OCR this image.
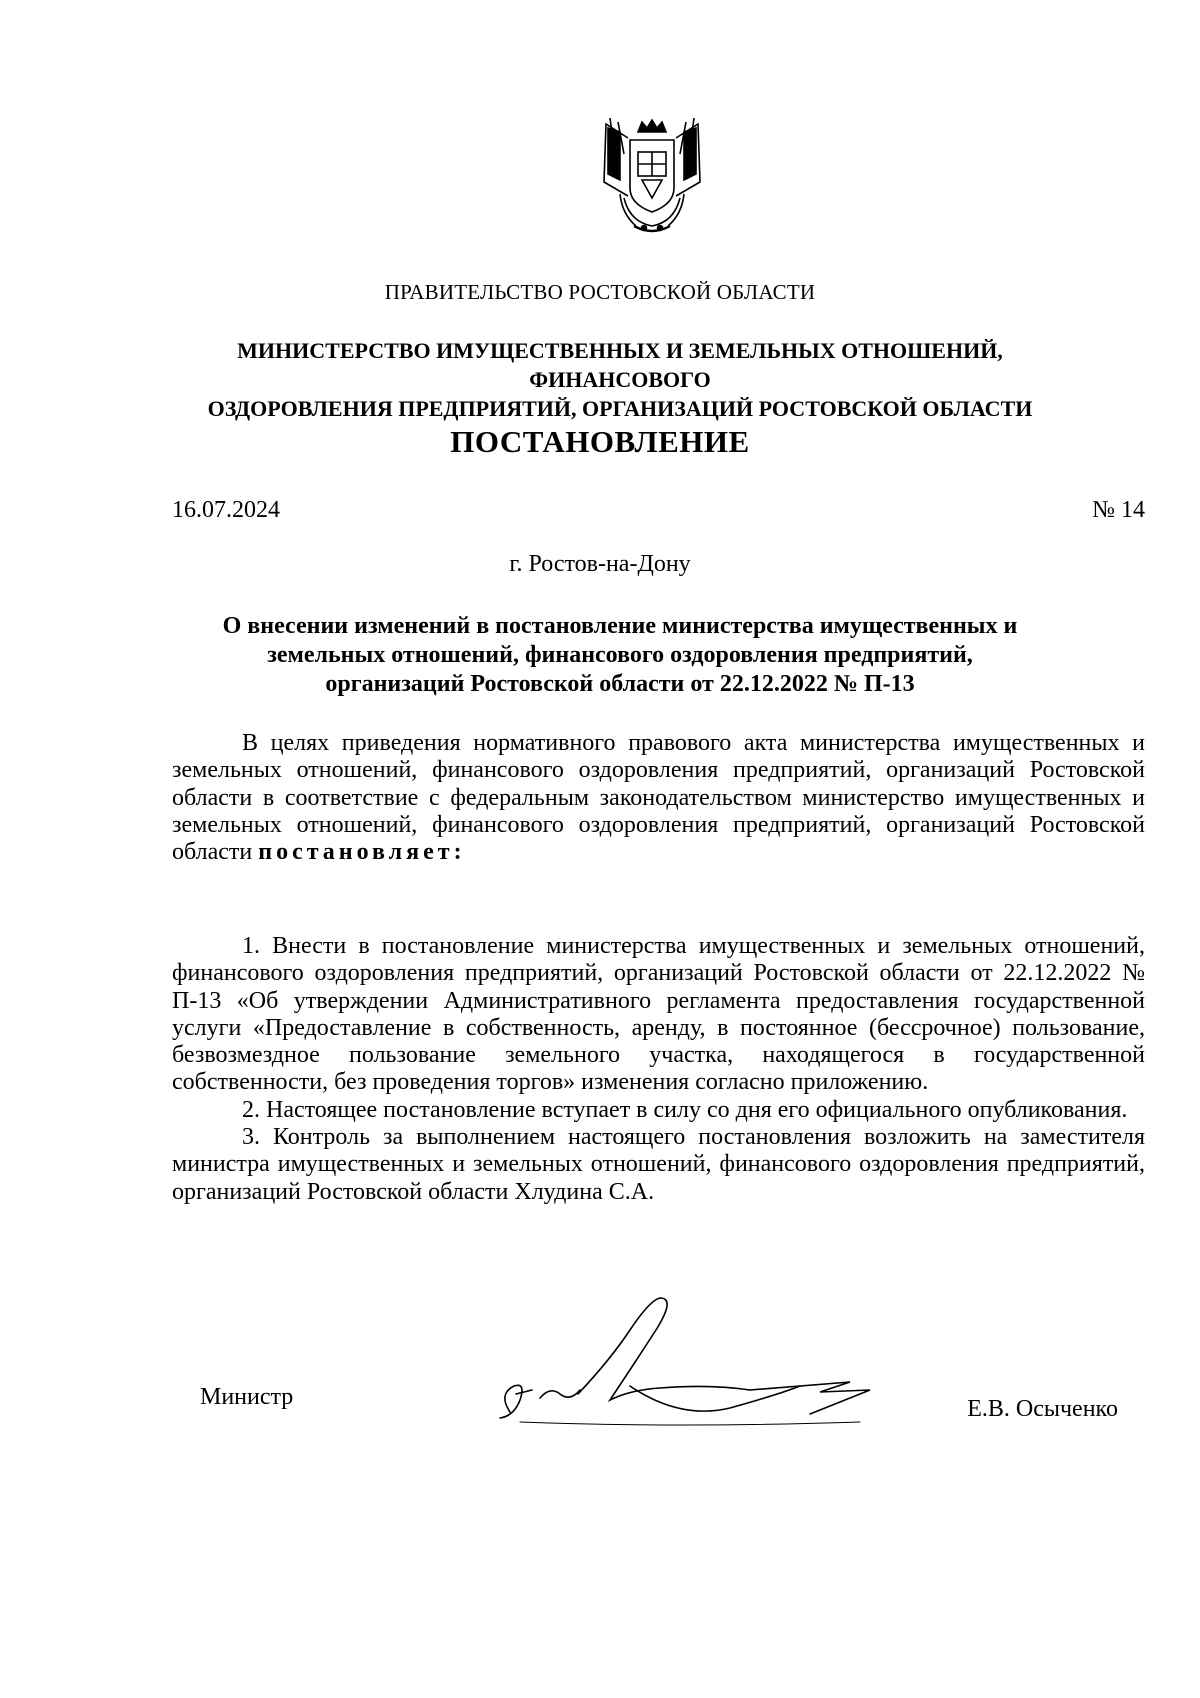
ПРАВИТЕЛЬСТВО РОСТОВСКОЙ ОБЛАСТИ
МИНИСТЕРСТВО ИМУЩЕСТВЕННЫХ И ЗЕМЕЛЬНЫХ ОТНОШЕНИЙ, ФИНАНСОВОГО
ОЗДОРОВЛЕНИЯ ПРЕДПРИЯТИЙ, ОРГАНИЗАЦИЙ РОСТОВСКОЙ ОБЛАСТИ
ПОСТАНОВЛЕНИЕ
16.07.2024	№ 14
г. Ростов-на-Дону
О внесении изменений в постановление министерства имущественных и
земельных отношений, финансового оздоровления предприятий,
организаций Ростовской области от 22.12.2022 № П-13

В целях приведения нормативного правового акта министерства имущественных и земельных отношений, финансового оздоровления предприятий, организаций Ростовской области в соответствие с федеральным законодательством министерство имущественных и земельных отношений, финансового оздоровления предприятий, организаций Ростовской области постановляет:

1. Внести в постановление министерства имущественных и земельных отношений, финансового оздоровления предприятий, организаций Ростовской области от 22.12.2022 № П-13 «Об утверждении Административного регламента предоставления государственной услуги «Предоставление в собственность, аренду, в постоянное (бессрочное) пользование, безвозмездное пользование земельного участка, находящегося в государственной собственности, без проведения торгов» изменения согласно приложению.

2. Настоящее постановление вступает в силу со дня его официального опубликования.

3. Контроль за выполнением настоящего постановления возложить на заместителя министра имущественных и земельных отношений, финансового оздоровления предприятий, организаций Ростовской области Хлудина С.А.

Министр	Е.В. Осыченко
